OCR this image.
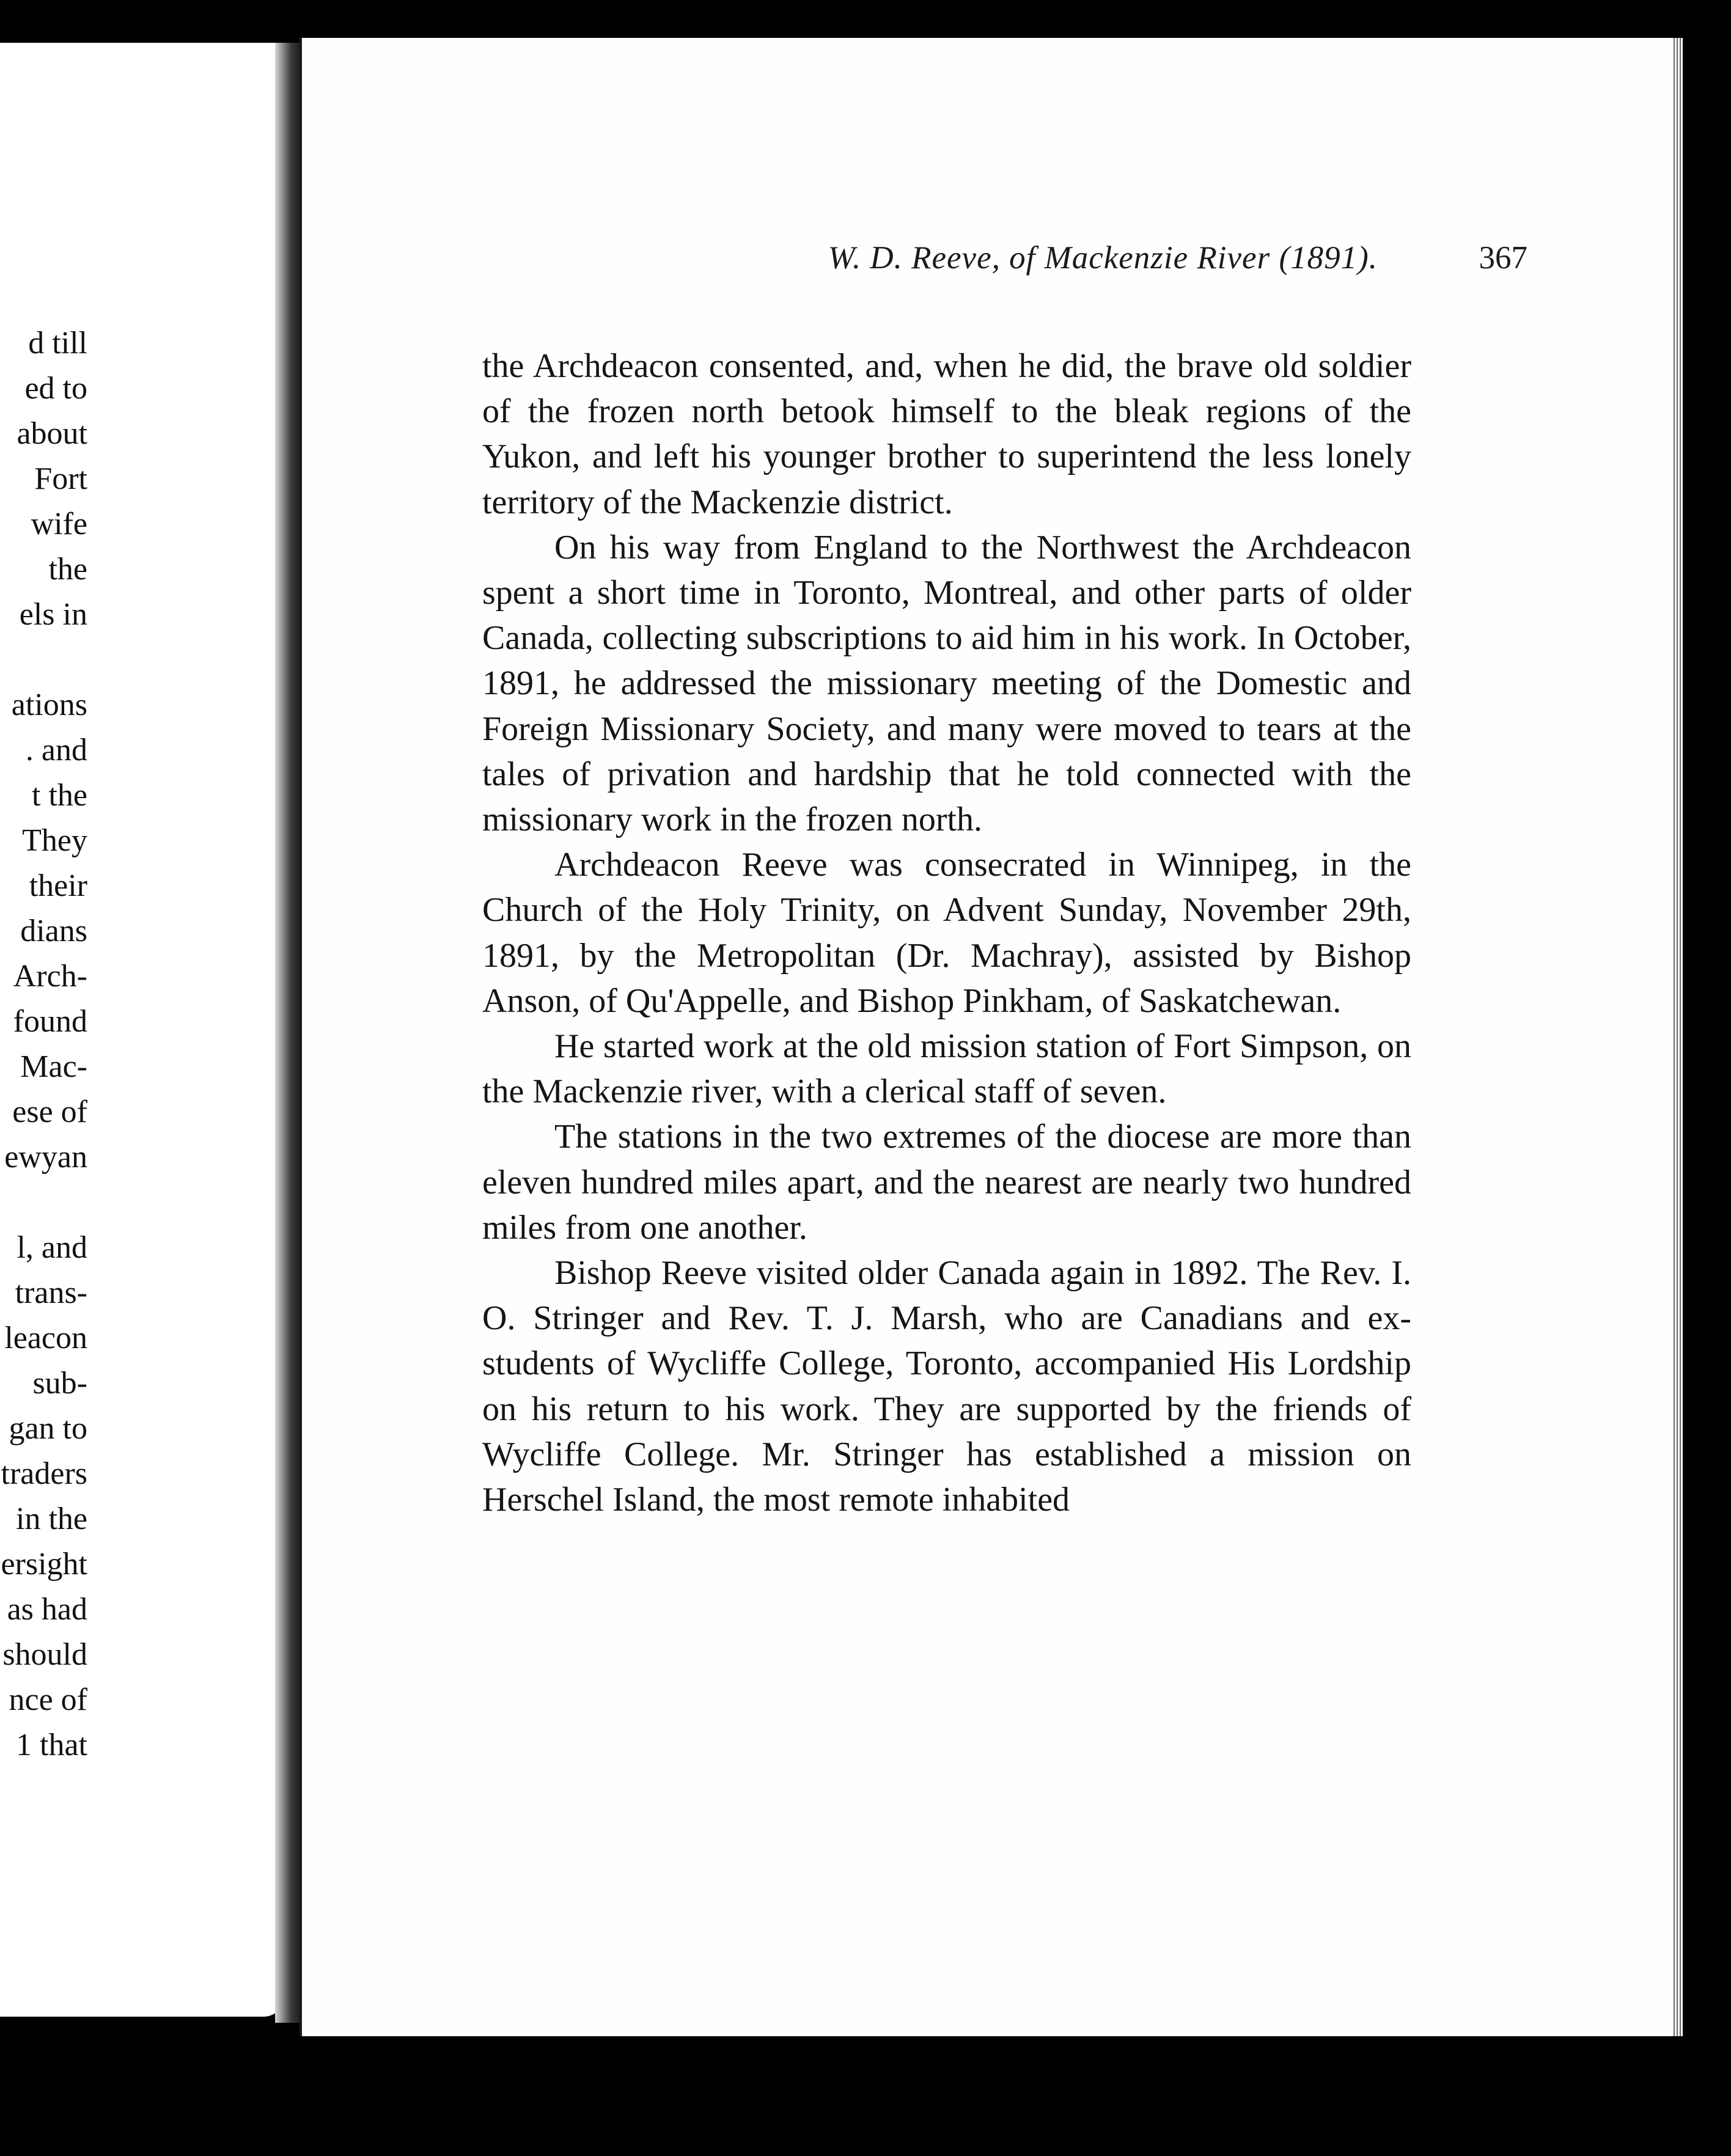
d till

ed to

about

Fort

wife

the

els in

ations

. and

t the

They

their

dians

Arch-

found

Mac-

ese of

ewyan

l, and

trans-

leacon

sub-

gan to

traders

in the

ersight

as had

should

nce of

1 that

W. D. Reeve, of Mackenzie River (1891).	367

the Archdeacon consented, and, when he did, the brave old soldier of the frozen north betook himself to the bleak regions of the Yukon, and left his younger brother to superintend the less lonely territory of the Mackenzie district.

On his way from England to the Northwest the Archdeacon spent a short time in Toronto, Montreal, and other parts of older Canada, collecting subscriptions to aid him in his work. In October, 1891, he addressed the missionary meeting of the Domestic and Foreign Missionary Society, and many were moved to tears at the tales of privation and hardship that he told connected with the missionary work in the frozen north.

Archdeacon Reeve was consecrated in Winnipeg, in the Church of the Holy Trinity, on Advent Sunday, November 29th, 1891, by the Metropolitan (Dr. Machray), assisted by Bishop Anson, of Qu'Appelle, and Bishop Pinkham, of Saskatchewan.

He started work at the old mission station of Fort Simpson, on the Mackenzie river, with a clerical staff of seven.

The stations in the two extremes of the diocese are more than eleven hundred miles apart, and the nearest are nearly two hundred miles from one another.

Bishop Reeve visited older Canada again in 1892. The Rev. I. O. Stringer and Rev. T. J. Marsh, who are Canadians and ex-students of Wycliffe College, Toronto, accompanied His Lordship on his return to his work. They are supported by the friends of Wycliffe College. Mr. Stringer has established a mission on Herschel Island, the most remote inhabited
